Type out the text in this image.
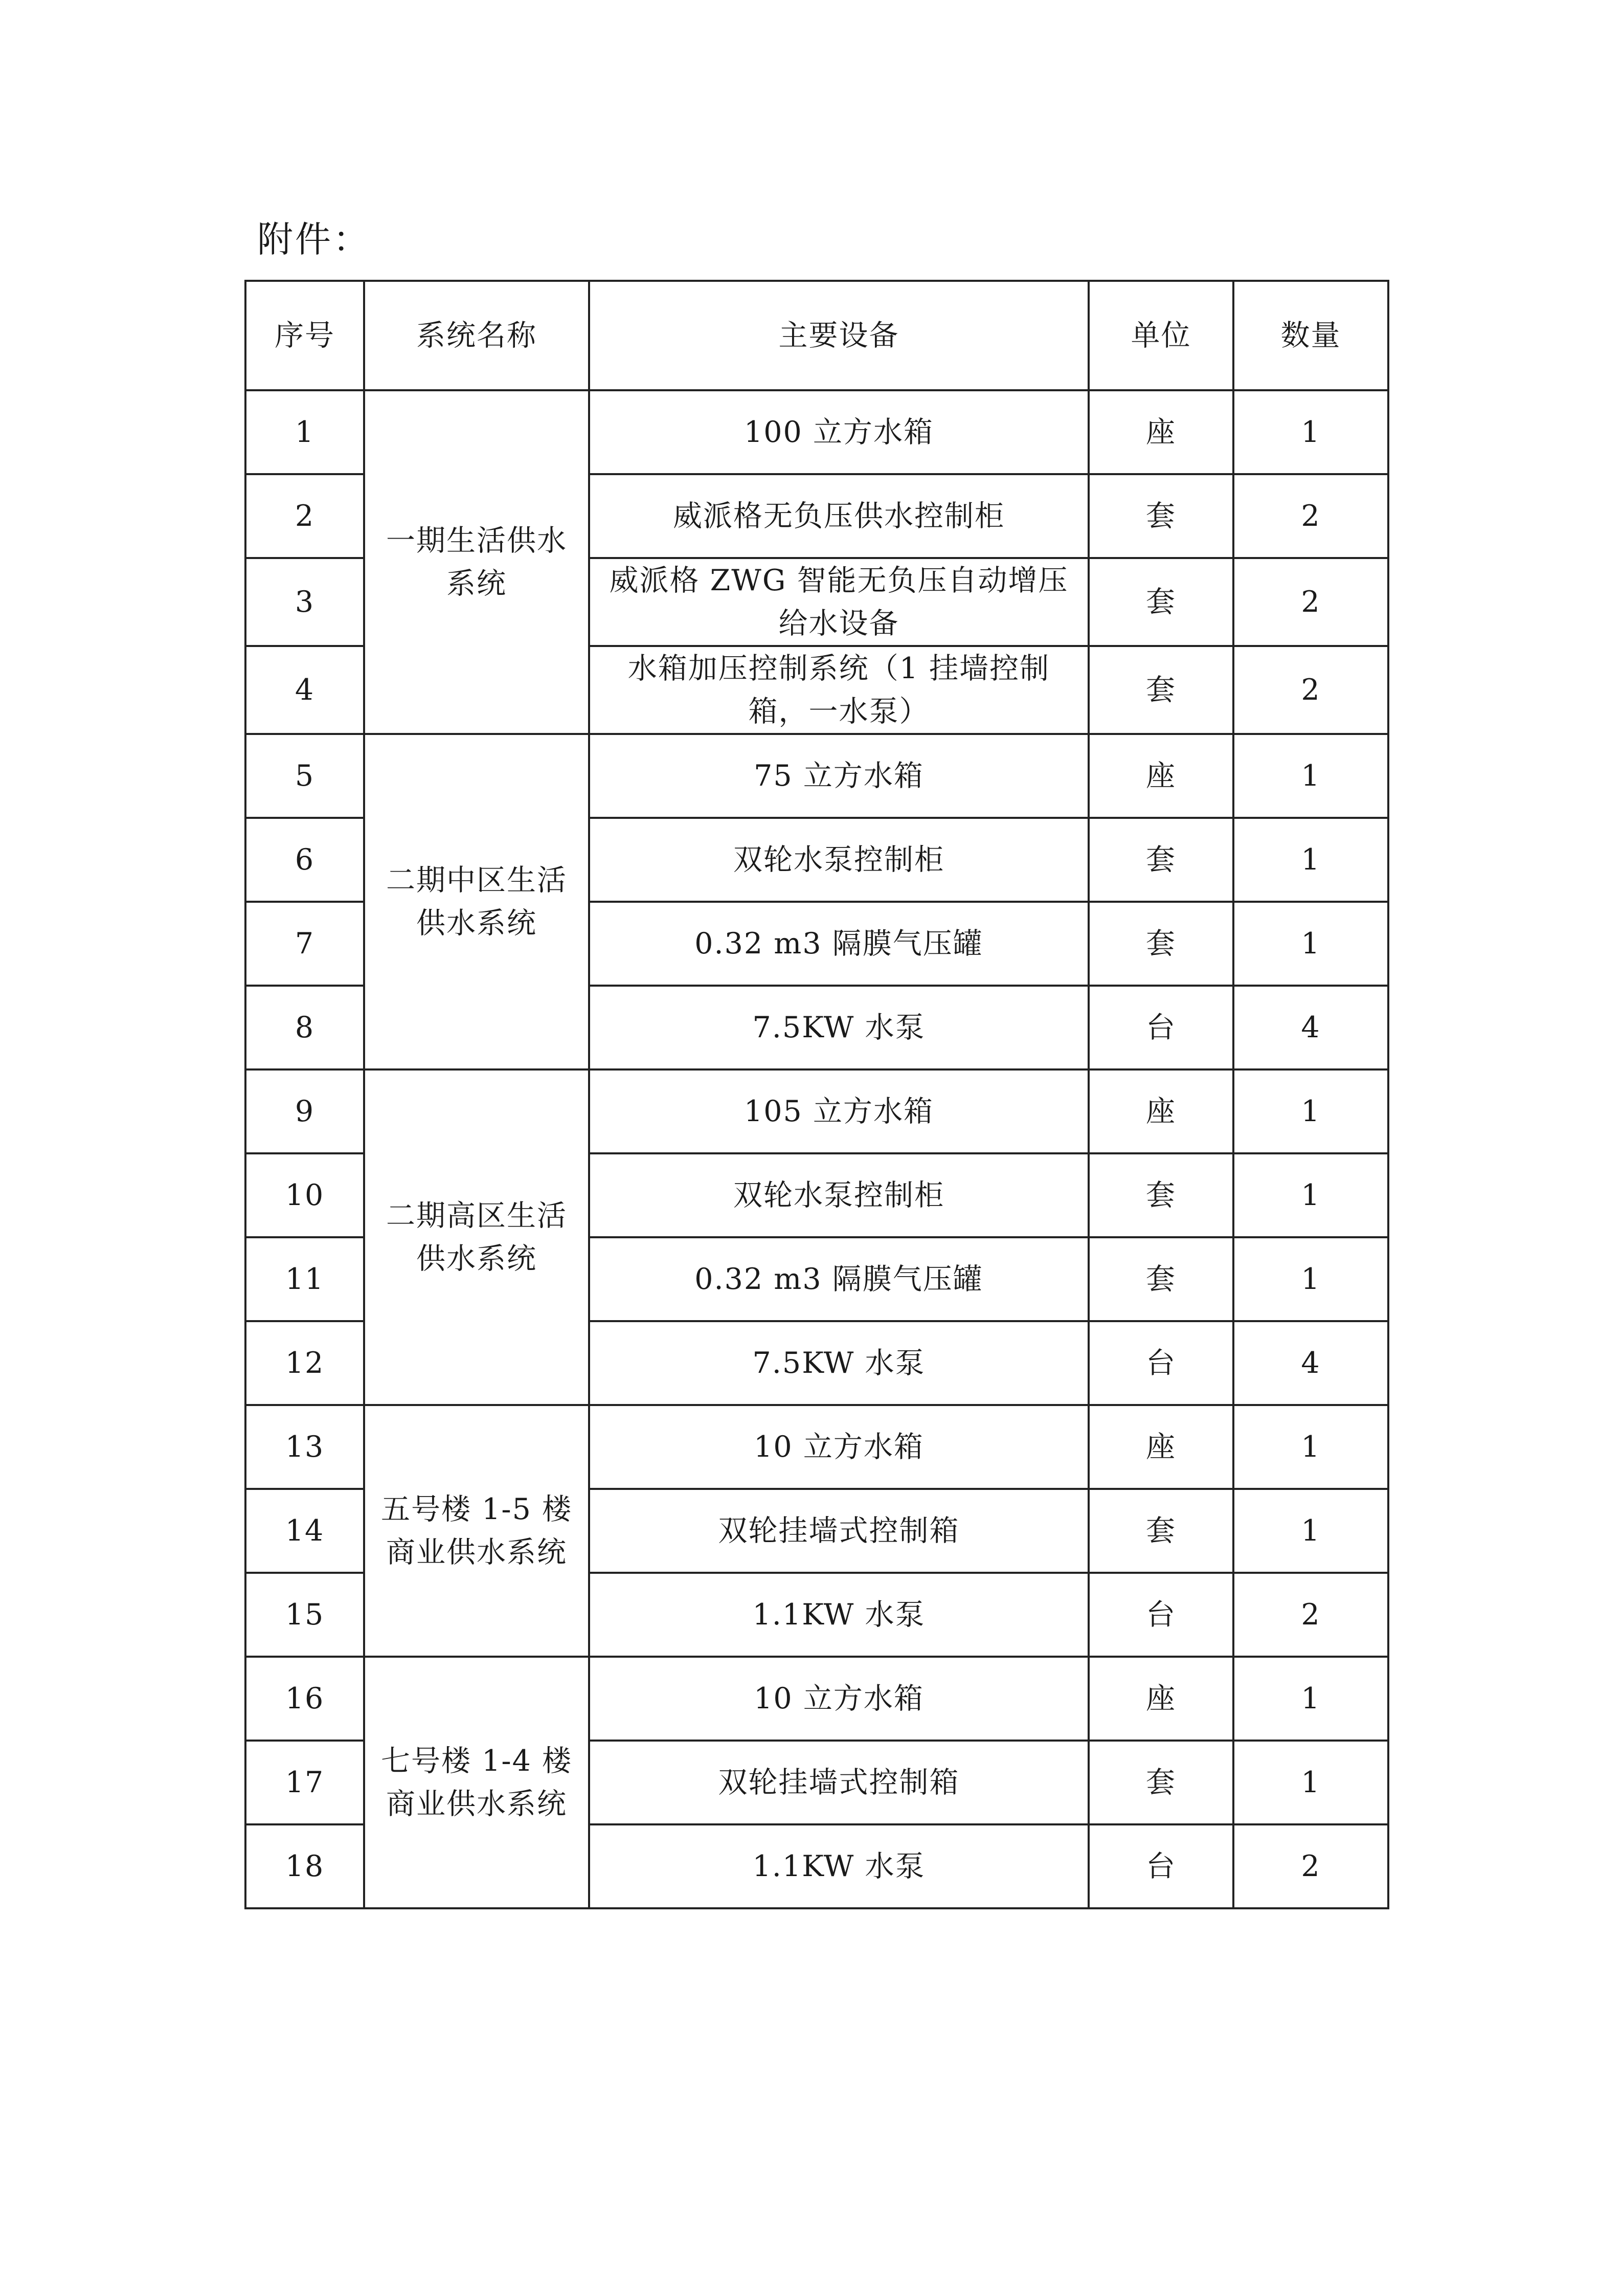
附件：
序号	系统名称	主要设备	单位	数量
1	一期生活供水系统	100 立方水箱	座	1
2		威派格无负压供水控制柜	套	2
3		威派格 ZWG 智能无负压自动增压给水设备	套	2
4		水箱加压控制系统（1 挂墙控制箱，一水泵）	套	2
5	二期中区生活供水系统	75 立方水箱	座	1
6		双轮水泵控制柜	套	1
7		0.32 m3 隔膜气压罐	套	1
8		7.5KW 水泵	台	4
9	二期高区生活供水系统	105 立方水箱	座	1
10		双轮水泵控制柜	套	1
11		0.32 m3 隔膜气压罐	套	1
12		7.5KW 水泵	台	4
13	五号楼 1-5 楼商业供水系统	10 立方水箱	座	1
14		双轮挂墙式控制箱	套	1
15		1.1KW 水泵	台	2
16	七号楼 1-4 楼商业供水系统	10 立方水箱	座	1
17		双轮挂墙式控制箱	套	1
18		1.1KW 水泵	台	2
